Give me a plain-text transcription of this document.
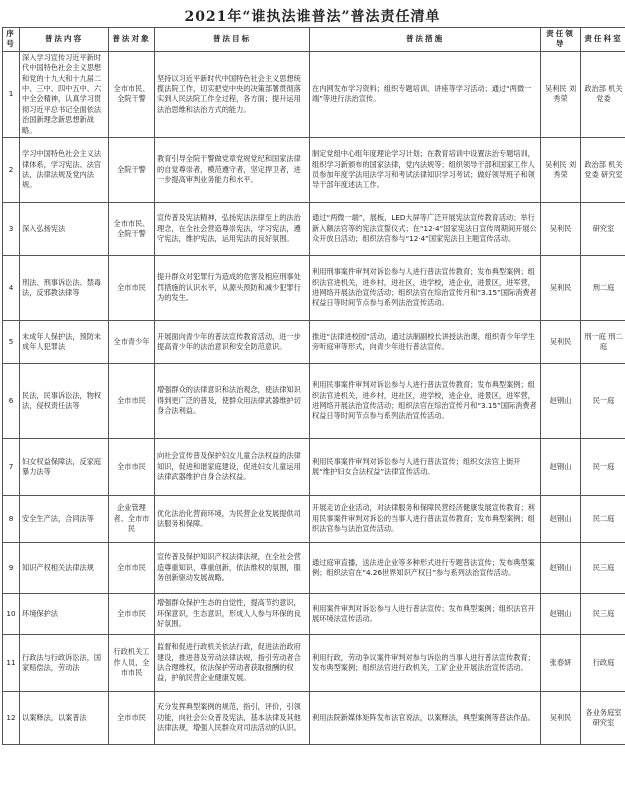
2021年“谁执法谁普法”普法责任清单
序号	普法内容	普法对象	普法目标	普法措施	责任领导	责任科室
1	深入学习宣传习近平新时代中国特色社会主义思想和党的十九大和十九届二中、三中、四中五中、六中全会精神，认真学习贯彻习近平总书记全面依法治国新理念新思想新战略。	全市市民、全院干警	坚持以习近平新时代中国特色社会主义思想统揽法院工作，切实把党中央的决策部署贯彻落实到人民法院工作全过程，各方面；提升运用法治思维和法治方式的能力。	在内网发布学习资料；组织专题培训、讲座等学习活动；通过“两微一端”等进行法治宣传。	吴利民 刘秀荣	政治部 机关党委
2	学习中国特色社会主义法律体系，学习宪法、法官法，法律法规及党内法规。	全院干警	教育引导全院干警做党章党规党纪和国家法律的自觉尊崇者，模范遵守者，坚定捍卫者，进一步提高审判业务能力和水平。	制定党组中心组年度理论学习计划；在教育培训中设置法治专题培训，组织学习新颁布的国家法律，党内法规等；组织领导干部和国家工作人员参加年度学法用法学习和考试法律知识学习考试；做好领导班子和领导干部年度述法工作。	吴利民 刘秀荣	政治部 机关党委 研究室
3	深入弘扬宪法	全市市民、全院干警	宣传普及宪法精神，弘扬宪法法律至上的法治理念，在全社会营造尊崇宪法，学习宪法，遵守宪法，维护宪法，运用宪法的良好氛围。	通过“两微一端”，展板，LED大屏等广泛开展宪法宣传教育活动；举行新入额法官等的宪法宣誓仪式；在“12·4”国家宪法日宣传周期间开展公众开放日活动；组织法官参与“12·4”国家宪法日主题宣传活动。	吴利民	研究室
4	刑法、刑事诉讼法、禁毒法，反邪教法律等	全市市民	提升群众对犯罪行为造成的危害及相应刑事处罚措施的认识水平，从源头预防和减少犯罪行为的发生。	利用刑事案件审判对诉讼参与人进行普法宣传教育；发布典型案例；组织法官进机关，进乡村，进社区，进学校，进企业，进景区，进军营，进网络开展法治宣传活动；组织法官在综治宣传月和“3.15”国际消费者权益日等时间节点参与系列法治宣传活动。	吴利民	刑二庭
5	未成年人保护法，预防未成年人犯罪法	全市青少年	开展面向青少年的普法宣传教育活动，进一步提高青少年的法治意识和安全防范意识。	推进“法律进校园”活动，通过法制副校长讲授法治课，组织青少年学生旁听庭审等形式，向青少年进行普法宣传。	吴利民	刑一庭 刑二庭
6	民法，民事诉讼法，物权法，侵权责任法等	全市市民	增强群众的法律意识和法治观念，使法律知识得到更广泛的普及，使群众用法律武器维护切身合法利益。	利用民事案件审判对诉讼参与人进行普法宣传教育；发布典型案例；组织法官进机关，进乡村，进社区，进学校，进企业，进景区，进军营，进网络开展法治宣传活动；组织法官在综治宣传月和“3.15”国际消费者权益日等时间节点参与系列法治宣传活动。	赵钢山	民一庭
7	妇女权益保障法，反家庭暴力法等	全市市民	向社会宣传普及保护妇女儿童合法权益的法律知识，促进和谐家庭建设，促进妇女儿童运用法律武器维护自身合法权益。	利用民事案件审判对诉讼参与人进行普法宣传；组织女法官上街开展“维护妇女合法权益”法律宣传活动。	赵钢山	民一庭
8	安全生产法，合同法等	企业管理者、全市市民	优化法治化营商环境，为民营企业发展提供司法服务和保障。	开展走访企业活动，对法律服务和保障民营经济健康发展宣传教育；利用民事案件审判对诉讼的当事人进行普法宣传教育；发布典型案例；组织法官参与法治宣传活动。	赵钢山	民二庭
9	知识产权相关法律法规	全市市民	宣传普及保护知识产权法律法规，在全社会营造尊重知识，尊重创新，依法维权的氛围，服务创新驱动发展战略。	通过庭审直播，送法进企业等多种形式进行专题普法宣传；发布典型案例；组织法官在“4.26世界知识产权日”参与系列法治宣传活动。	赵钢山	民三庭
10	环境保护法	全市市民	增强群众保护生态的自觉性，提高节约意识，环保意识，生态意识，形成人人参与环保的良好氛围。	利用案件审判对诉讼参与人进行普法宣传；发布典型案例；组织法官开展环境法宣传活动。	赵钢山	民三庭
11	行政法与行政诉讼法，国家赔偿法，劳动法	行政机关工作人员，全市市民	监督和促进行政机关依法行政，促进法治政府建设，推进普及劳动法律法规，指引劳动者合法合理维权，依法保护劳动者获取报酬的权益，护航民营企业健康发展。	利用行政，劳动争议案件审判对参与诉讼的当事人进行普法宣传教育；发布典型案例；组织法官进行政机关，工矿企业开展法治宣传活动。	张春妍	行政庭
12	以案释法，以案普法	全市市民	充分发挥典型案例的规范，指引，评价，引领功能，向社会公众普及宪法，基本法律及其他法律法规，增强人民群众对司法活动的认识。	利用法院新媒体矩阵发布法官说法，以案释法，典型案例等普法作品。	吴利民	各业务庭室 研究室
